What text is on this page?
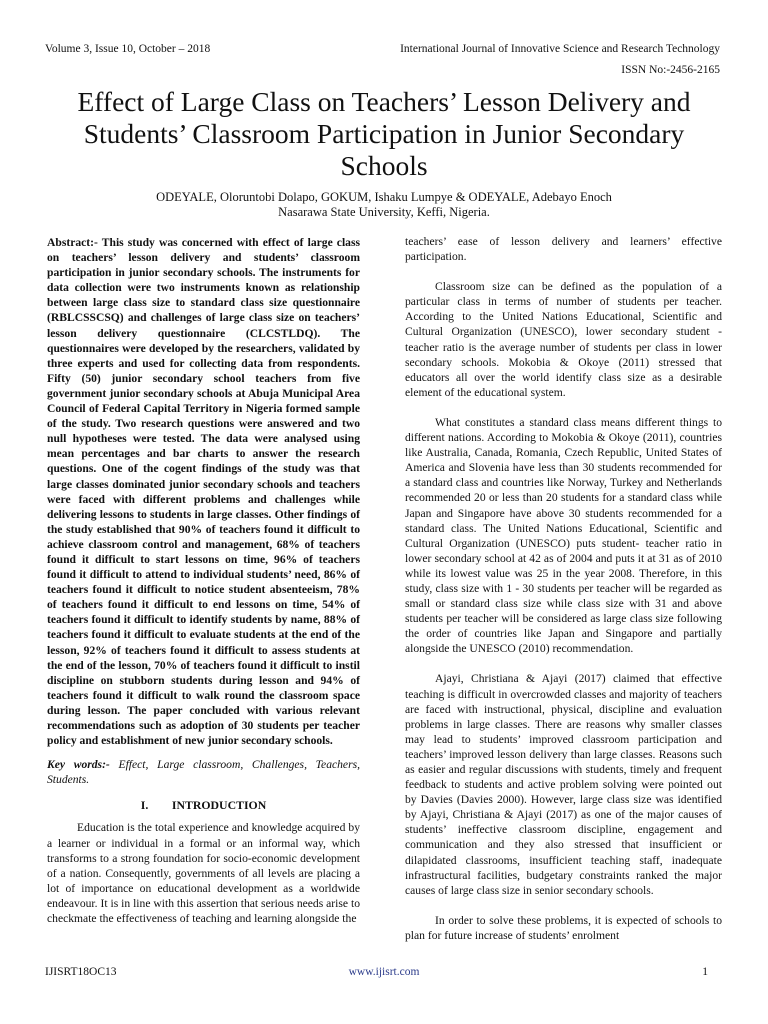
Volume 3, Issue 10, October – 2018	International Journal of Innovative Science and Research Technology
ISSN No:-2456-2165
Effect of Large Class on Teachers’ Lesson Delivery and Students’ Classroom Participation in Junior Secondary Schools
ODEYALE, Oloruntobi Dolapo, GOKUM, Ishaku Lumpye & ODEYALE, Adebayo Enoch
Nasarawa State University, Keffi, Nigeria.

Abstract:- This study was concerned with effect of large class on teachers’ lesson delivery and students’ classroom participation in junior secondary schools. The instruments for data collection were two instruments known as relationship between large class size to standard class size questionnaire (RBLCSSCSQ) and challenges of large class size on teachers’ lesson delivery questionnaire (CLCSTLDQ). The questionnaires were developed by the researchers, validated by three experts and used for collecting data from respondents. Fifty (50) junior secondary school teachers from five government junior secondary schools at Abuja Municipal Area Council of Federal Capital Territory in Nigeria formed sample of the study. Two research questions were answered and two null hypotheses were tested. The data were analysed using mean percentages and bar charts to answer the research questions. One of the cogent findings of the study was that large classes dominated junior secondary schools and teachers were faced with different problems and challenges while delivering lessons to students in large classes. Other findings of the study established that 90% of teachers found it difficult to achieve classroom control and management, 68% of teachers found it difficult to start lessons on time, 96% of teachers found it difficult to attend to individual students’ need, 86% of teachers found it difficult to notice student absenteeism, 78% of teachers found it difficult to end lessons on time, 54% of teachers found it difficult to identify students by name, 88% of teachers found it difficult to evaluate students at the end of the lesson, 92% of teachers found it difficult to assess students at the end of the lesson, 70% of teachers found it difficult to instil discipline on stubborn students during lesson and 94% of teachers found it difficult to walk round the classroom space during lesson. The paper concluded with various relevant recommendations such as adoption of 30 students per teacher policy and establishment of new junior secondary schools.

Key words:- Effect, Large classroom, Challenges, Teachers, Students.

I.  INTRODUCTION

Education is the total experience and knowledge acquired by a learner or individual in a formal or an informal way, which transforms to a strong foundation for socio-economic development of a nation. Consequently, governments of all levels are placing a lot of importance on educational development as a worldwide endeavour. It is in line with this assertion that serious needs arise to checkmate the effectiveness of teaching and learning alongside the

teachers’ ease of lesson delivery and learners’ effective participation.

Classroom size can be defined as the population of a particular class in terms of number of students per teacher. According to the United Nations Educational, Scientific and Cultural Organization (UNESCO), lower secondary student - teacher ratio is the average number of students per class in lower secondary schools. Mokobia & Okoye (2011) stressed that educators all over the world identify class size as a desirable element of the educational system.

What constitutes a standard class means different things to different nations. According to Mokobia & Okoye (2011), countries like Australia, Canada, Romania, Czech Republic, United States of America and Slovenia have less than 30 students recommended for a standard class and countries like Norway, Turkey and Netherlands recommended 20 or less than 20 students for a standard class while Japan and Singapore have above 30 students recommended for a standard class. The United Nations Educational, Scientific and Cultural Organization (UNESCO) puts student- teacher ratio in lower secondary school at 42 as of 2004 and puts it at 31 as of 2010 while its lowest value was 25 in the year 2008. Therefore, in this study, class size with 1 - 30 students per teacher will be regarded as small or standard class size while class size with 31 and above students per teacher will be considered as large class size following the order of countries like Japan and Singapore and partially alongside the UNESCO (2010) recommendation.

Ajayi, Christiana & Ajayi (2017) claimed that effective teaching is difficult in overcrowded classes and majority of teachers are faced with instructional, physical, discipline and evaluation problems in large classes. There are reasons why smaller classes may lead to students’ improved classroom participation and teachers’ improved lesson delivery than large classes. Reasons such as easier and regular discussions with students, timely and frequent feedback to students and active problem solving were pointed out by Davies (Davies 2000). However, large class size was identified by Ajayi, Christiana & Ajayi (2017) as one of the major causes of students’ ineffective classroom discipline, engagement and communication and they also stressed that insufficient or dilapidated classrooms, insufficient teaching staff, inadequate infrastructural facilities, budgetary constraints ranked the major causes of large class size in senior secondary schools.

In order to solve these problems, it is expected of schools to plan for future increase of students’ enrolment

IJISRT18OC13	www.ijisrt.com	1
